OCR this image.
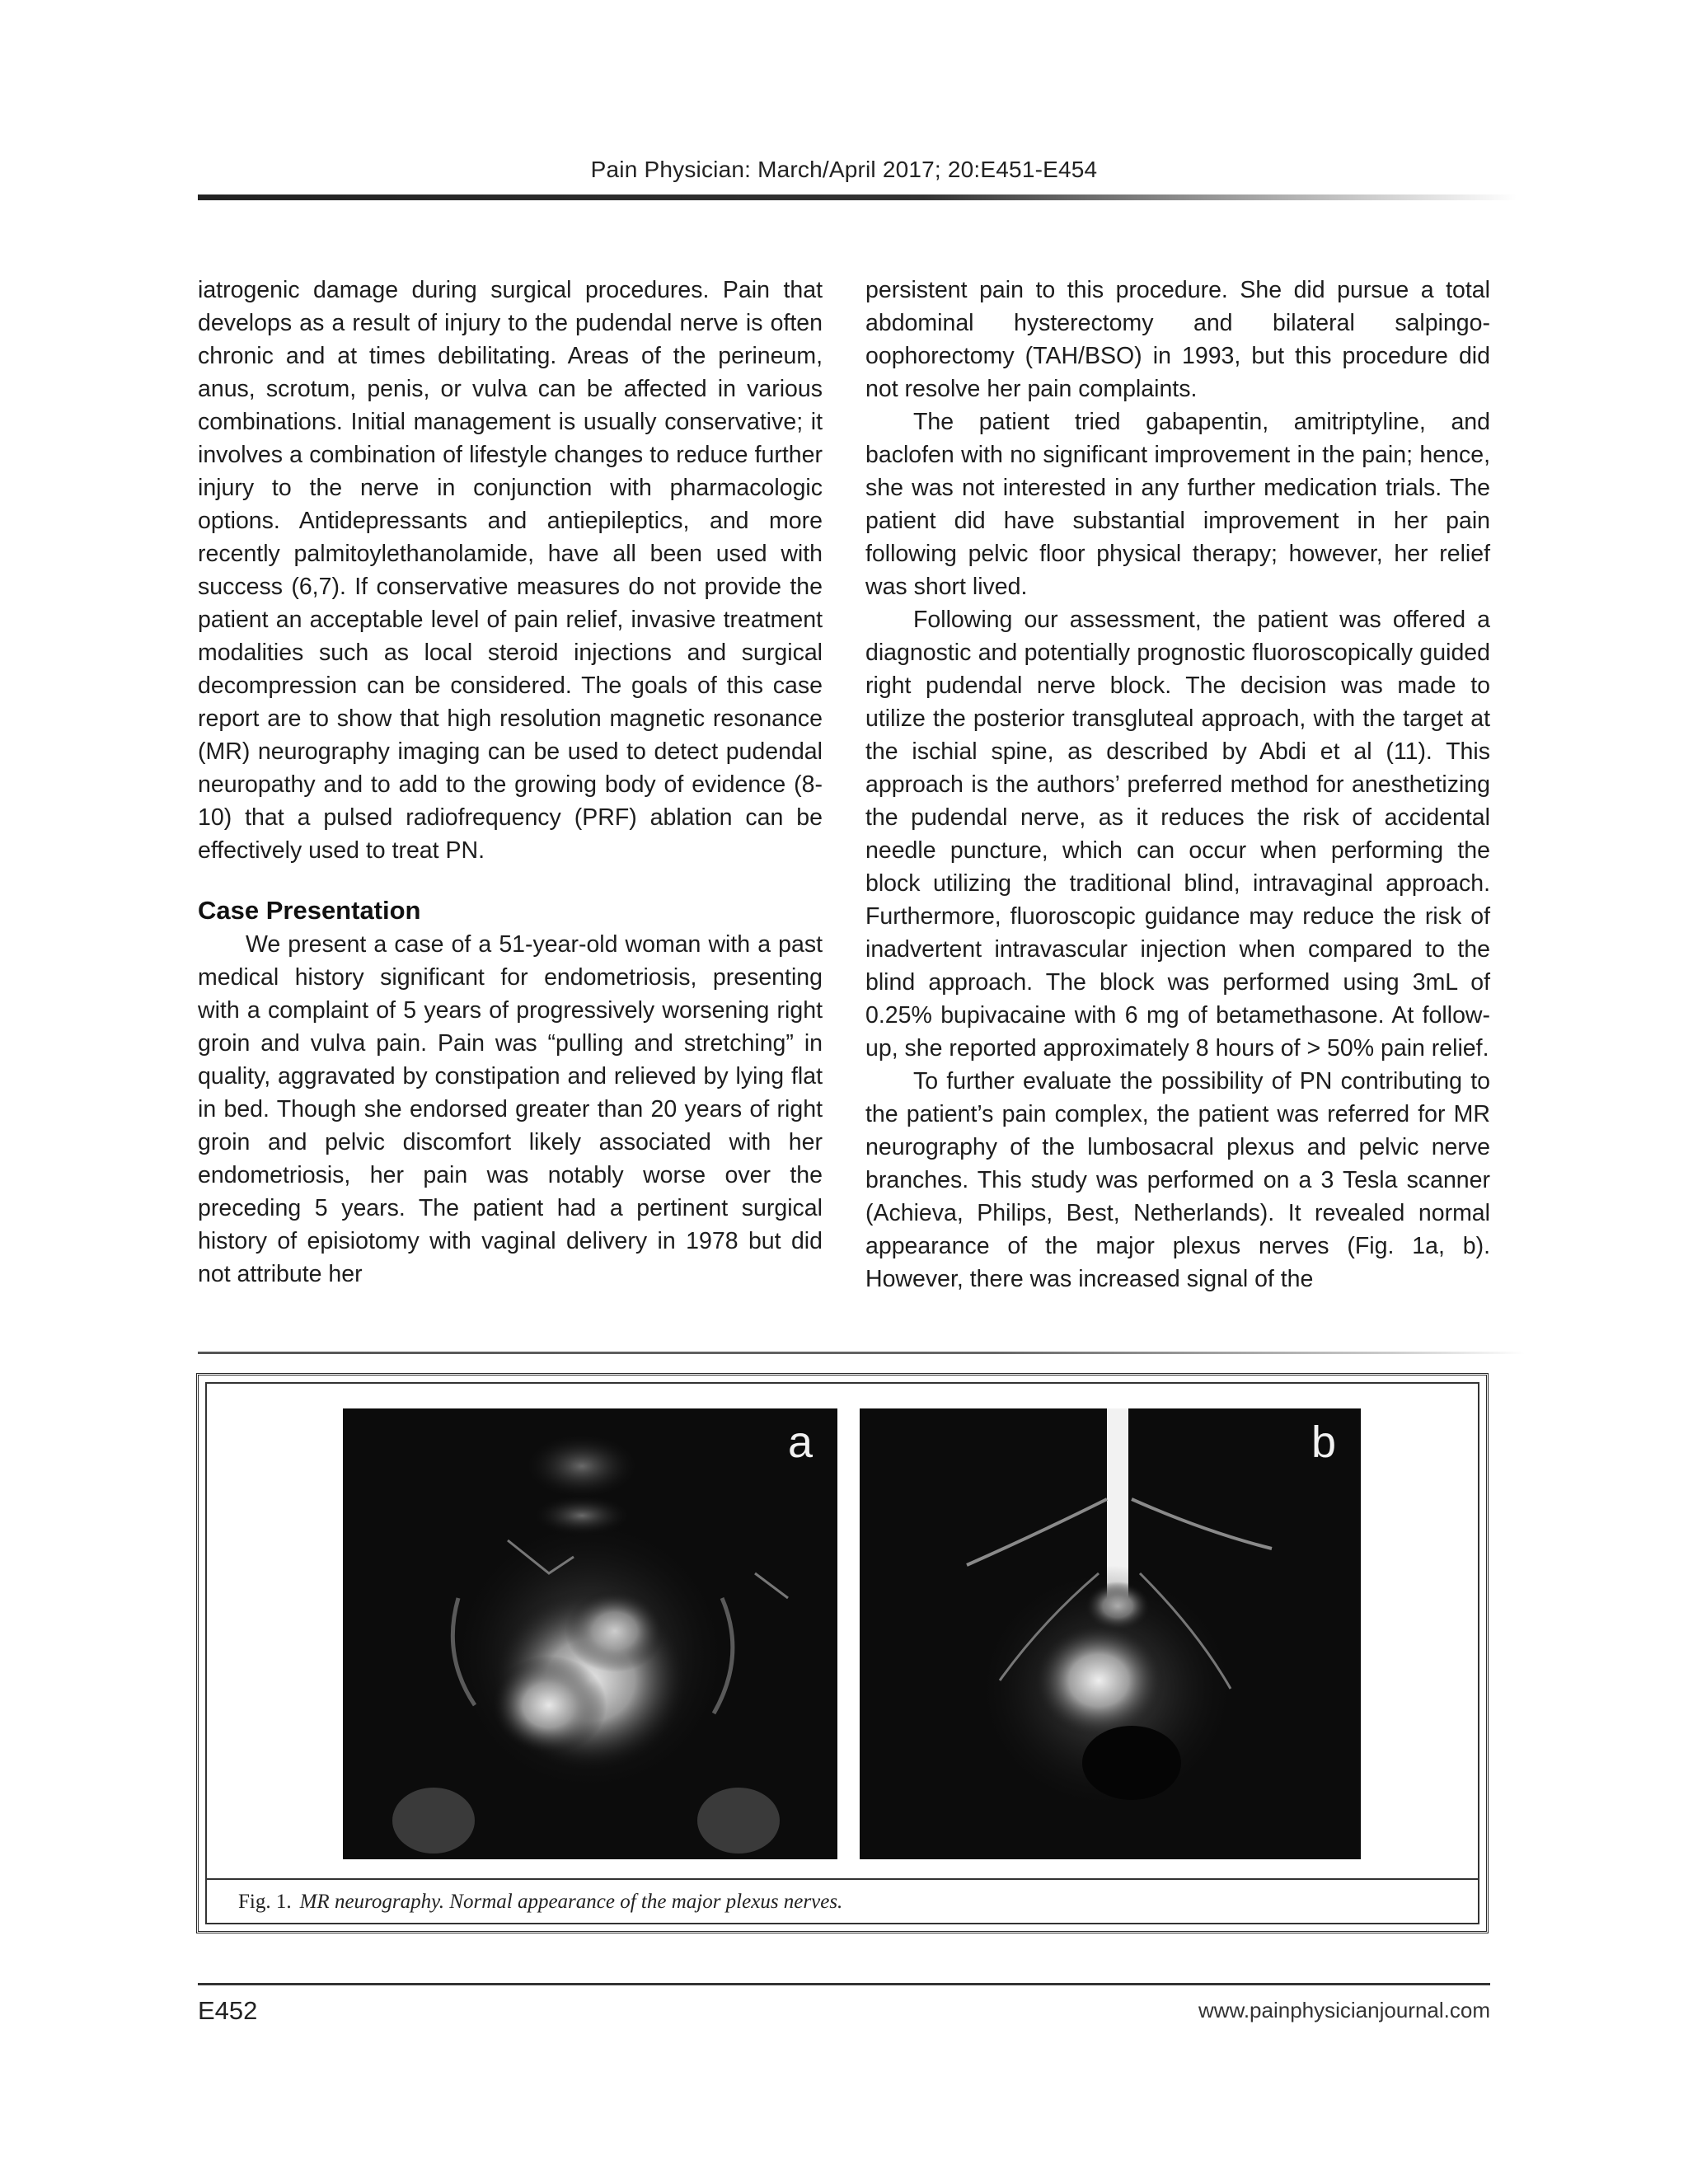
Pain Physician: March/April 2017; 20:E451-E454

iatrogenic damage during surgical procedures. Pain that develops as a result of injury to the pudendal nerve is often chronic and at times debilitating. Areas of the perineum, anus, scrotum, penis, or vulva can be affected in various combinations. Initial management is usually conservative; it involves a combination of lifestyle changes to reduce further injury to the nerve in conjunction with pharmacologic options. Antidepressants and antiepileptics, and more recently palmitoylethanolamide, have all been used with success (6,7). If conservative measures do not provide the patient an acceptable level of pain relief, invasive treatment modalities such as local steroid injections and surgical decompression can be considered. The goals of this case report are to show that high resolution magnetic resonance (MR) neurography imaging can be used to detect pudendal neuropathy and to add to the growing body of evidence (8-10) that a pulsed radiofrequency (PRF) ablation can be effectively used to treat PN.

Case Presentation

We present a case of a 51-year-old woman with a past medical history significant for endometriosis, presenting with a complaint of 5 years of progressively worsening right groin and vulva pain. Pain was “pulling and stretching” in quality, aggravated by constipation and relieved by lying flat in bed. Though she endorsed greater than 20 years of right groin and pelvic discomfort likely associated with her endometriosis, her pain was notably worse over the preceding 5 years. The patient had a pertinent surgical history of episiotomy with vaginal delivery in 1978 but did not attribute her

persistent pain to this procedure. She did pursue a total abdominal hysterectomy and bilateral salpingo-oophorectomy (TAH/BSO) in 1993, but this procedure did not resolve her pain complaints.

The patient tried gabapentin, amitriptyline, and baclofen with no significant improvement in the pain; hence, she was not interested in any further medication trials. The patient did have substantial improvement in her pain following pelvic floor physical therapy; however, her relief was short lived.

Following our assessment, the patient was offered a diagnostic and potentially prognostic fluoroscopically guided right pudendal nerve block. The decision was made to utilize the posterior transgluteal approach, with the target at the ischial spine, as described by Abdi et al (11). This approach is the authors’ preferred method for anesthetizing the pudendal nerve, as it reduces the risk of accidental needle puncture, which can occur when performing the block utilizing the traditional blind, intravaginal approach. Furthermore, fluoroscopic guidance may reduce the risk of inadvertent intravascular injection when compared to the blind approach. The block was performed using 3mL of 0.25% bupivacaine with 6 mg of betamethasone. At follow-up, she reported approximately 8 hours of > 50% pain relief.

To further evaluate the possibility of PN contributing to the patient’s pain complex, the patient was referred for MR neurography of the lumbosacral plexus and pelvic nerve branches. This study was performed on a 3 Tesla scanner (Achieva, Philips, Best, Netherlands). It revealed normal appearance of the major plexus nerves (Fig. 1a, b). However, there was increased signal of the

a	b
Fig. 1. MR neurography. Normal appearance of the major plexus nerves.
E452	www.painphysicianjournal.com
